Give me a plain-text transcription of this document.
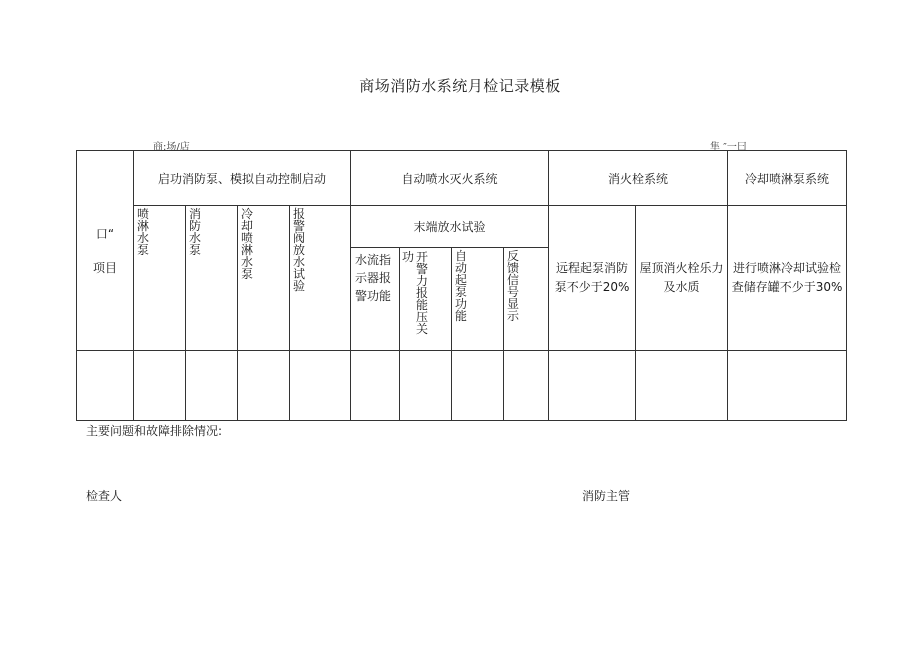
商场消防水系统月检记录模板
商:场/店	隼 ″一曰
口“
项目	启功消防泵、模拟自动控制启动				自动喷水灭火系统				消火栓系统		冷却喷淋泵系统

	喷淋水泵	消防水泵	冷却喷淋水泵	报警阀放水试验	末端放水试验				远程起泵消防泵不少于20%	屋顶消火栓乐力及水质	进行喷淋冷却试验检查储存罐不少于30%
					水流指示器报警功能	功 开警力报能压关	自动起泵功能	反馈信号显示			

主要问题和故障排除情况:
检查人	消防主管
